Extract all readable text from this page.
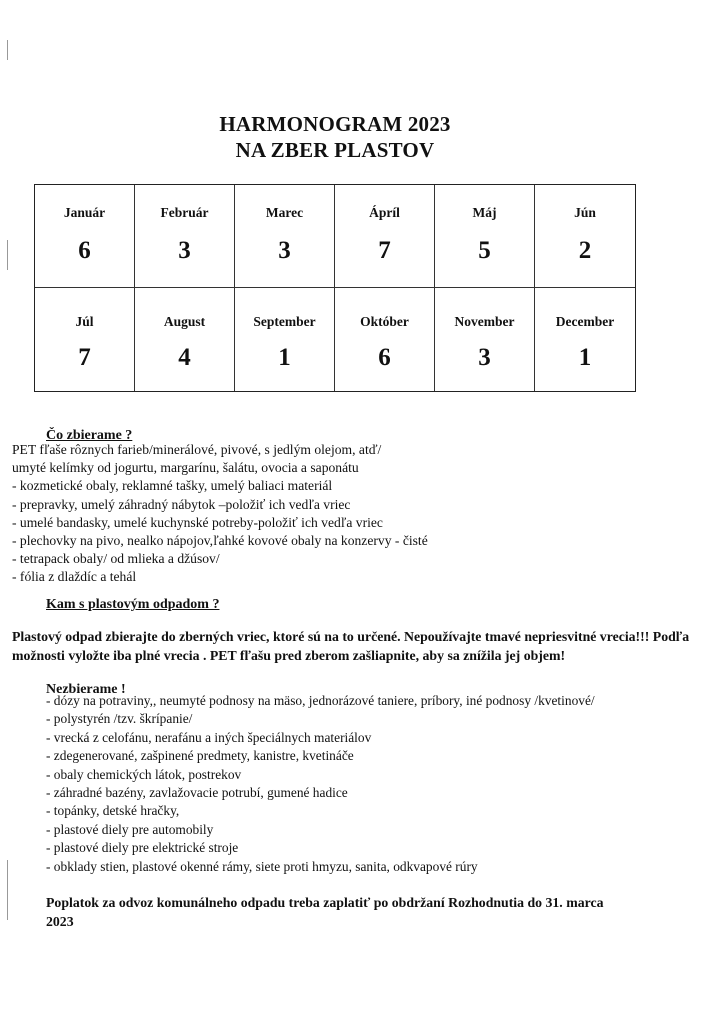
HARMONOGRAM 2023
NA ZBER PLASTOV
Január
6
Február
3
Marec
3
Ápríl
7
Máj
5
Jún
2
Júl
7
August
4
September
1
Október
6
November
3
December
1
Čo zbierame ?
PET fľaše rôznych farieb/minerálové, pivové, s jedlým olejom, atď/
umyté kelímky od jogurtu, margarínu, šalátu, ovocia a saponátu
- kozmetické obaly, reklamné tašky, umelý baliaci materiál
- prepravky, umelý záhradný nábytok –položiť ich vedľa vriec
- umelé bandasky, umelé kuchynské potreby-položiť ich vedľa vriec
- plechovky na pivo, nealko nápojov,ľahké kovové obaly na konzervy - čisté
- tetrapack obaly/ od mlieka a džúsov/
- fólia z dlaždíc a tehál
Kam s plastovým odpadom ?
Plastový odpad zbierajte do zberných vriec, ktoré sú na to určené. Nepoužívajte tmavé nepriesvitné vrecia!!! Podľa možnosti vyložte iba plné vrecia . PET fľašu pred zberom zašliapnite, aby sa znížila jej objem!
Nezbierame !
- dózy na potraviny,, neumyté podnosy na mäso, jednorázové taniere, príbory, iné podnosy /kvetinové/
- polystyrén /tzv. škrípanie/
- vrecká z celofánu, nerafánu a iných špeciálnych materiálov
- zdegenerované, zašpinené predmety, kanistre, kvetináče
- obaly chemických látok, postrekov
- záhradné bazény, zavlažovacie potrubí, gumené hadice
- topánky, detské hračky,
- plastové diely pre automobily
- plastové diely pre elektrické stroje
- obklady stien, plastové okenné rámy, siete proti hmyzu, sanita, odkvapové rúry
Poplatok za odvoz komunálneho odpadu treba zaplatiť po obdržaní Rozhodnutia do 31. marca 2023
